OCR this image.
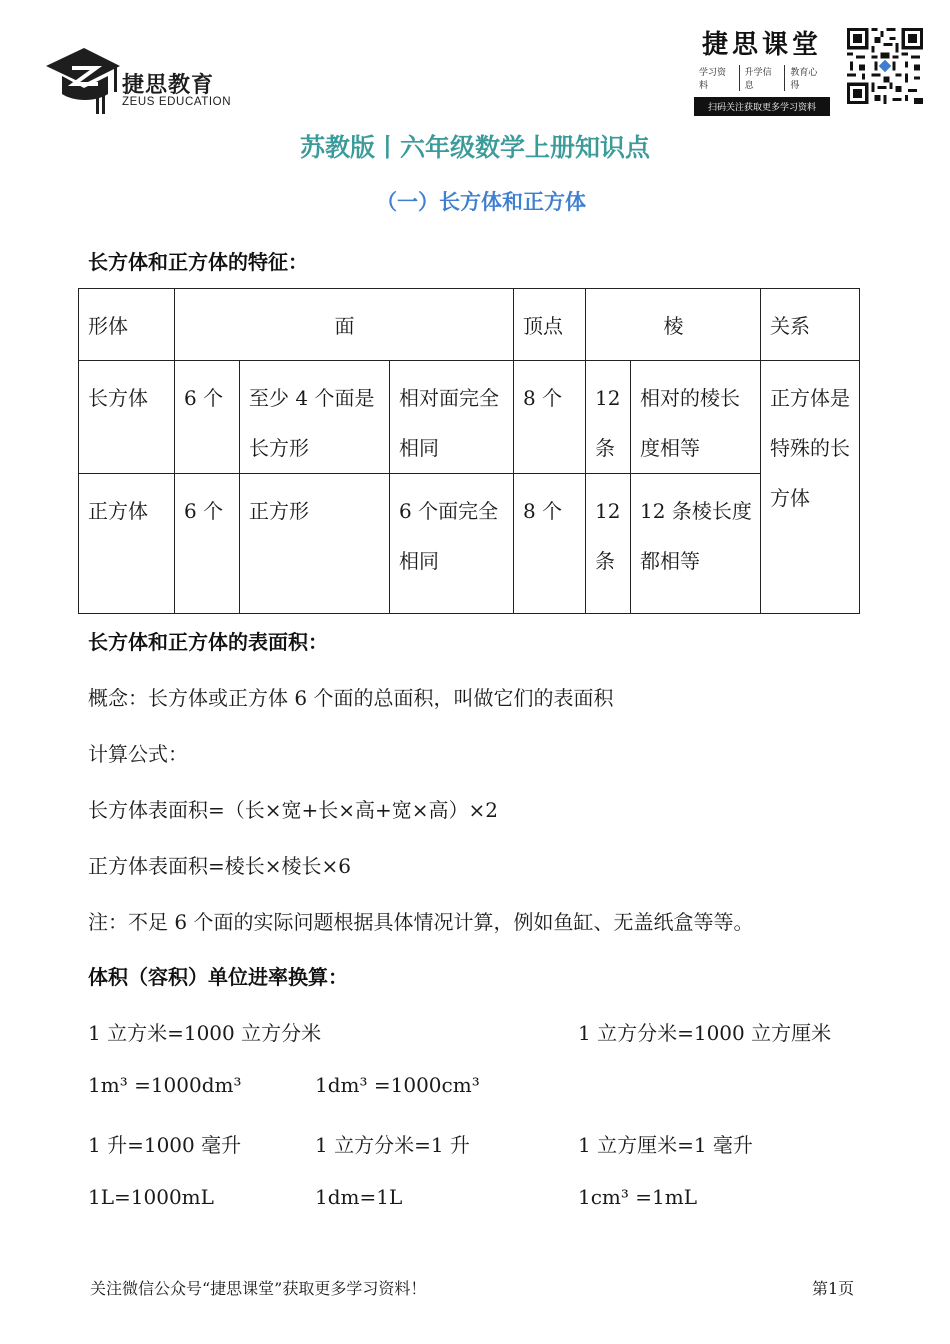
捷思教育
ZEUS EDUCATION
捷思课堂
学习资料
升学信息
教育心得
扫码关注获取更多学习资料
苏教版丨六年级数学上册知识点
（一）长方体和正方体
长方体和正方体的特征：
形体	面			顶点	棱		关系
长方体	6 个	至少 4 个面是长方形	相对面完全相同	8 个	12 条	相对的棱长度相等	正方体是特殊的长方体
正方体	6 个	正方形	6 个面完全相同	8 个	12 条	12 条棱长度都相等	
长方体和正方体的表面积：
概念：长方体或正方体 6 个面的总面积，叫做它们的表面积
计算公式：
长方体表面积=（长×宽+长×高+宽×高）×2
正方体表面积=棱长×棱长×6
注：不足 6 个面的实际问题根据具体情况计算，例如鱼缸、无盖纸盒等等。
体积（容积）单位进率换算：
1 立方米=1000 立方分米	1 立方分米=1000 立方厘米
1m³ =1000dm³	1dm³ =1000cm³
1 升=1000 毫升	1 立方分米=1 升	1 立方厘米=1 毫升
1L=1000mL	1dm=1L	1cm³ =1mL
关注微信公众号“捷思课堂”获取更多学习资料！	第1页
